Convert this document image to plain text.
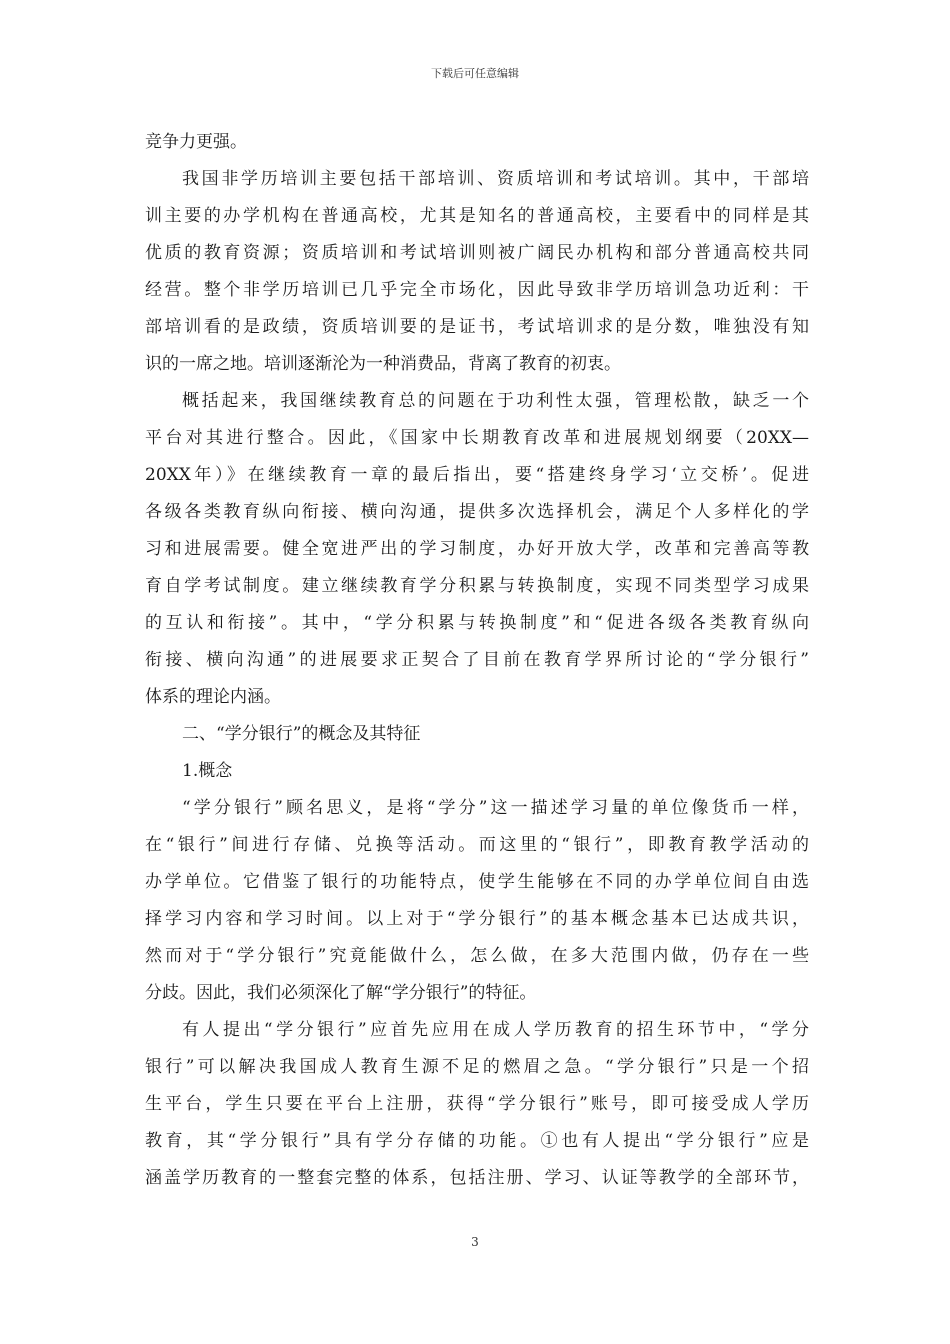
下载后可任意编辑
竞争力更强。
我国非学历培训主要包括干部培训、资质培训和考试培训。其中，干部培
训主要的办学机构在普通高校，尤其是知名的普通高校，主要看中的同样是其
优质的教育资源；资质培训和考试培训则被广阔民办机构和部分普通高校共同
经营。整个非学历培训已几乎完全市场化，因此导致非学历培训急功近利：干
部培训看的是政绩，资质培训要的是证书，考试培训求的是分数，唯独没有知
识的一席之地。培训逐渐沦为一种消费品，背离了教育的初衷。
概括起来，我国继续教育总的问题在于功利性太强，管理松散，缺乏一个
平台对其进行整合。因此，《国家中长期教育改革和进展规划纲要（20XX—
20XX年）》在继续教育一章的最后指出，要“搭建终身学习‘立交桥’。促进
各级各类教育纵向衔接、横向沟通，提供多次选择机会，满足个人多样化的学
习和进展需要。健全宽进严出的学习制度，办好开放大学，改革和完善高等教
育自学考试制度。建立继续教育学分积累与转换制度，实现不同类型学习成果
的互认和衔接”。其中，“学分积累与转换制度”和“促进各级各类教育纵向
衔接、横向沟通”的进展要求正契合了目前在教育学界所讨论的“学分银行”
体系的理论内涵。
二、“学分银行”的概念及其特征
1.概念
“学分银行”顾名思义，是将“学分”这一描述学习量的单位像货币一样，
在“银行”间进行存储、兑换等活动。而这里的“银行”，即教育教学活动的
办学单位。它借鉴了银行的功能特点，使学生能够在不同的办学单位间自由选
择学习内容和学习时间。以上对于“学分银行”的基本概念基本已达成共识，
然而对于“学分银行”究竟能做什么，怎么做，在多大范围内做，仍存在一些
分歧。因此，我们必须深化了解“学分银行”的特征。
有人提出“学分银行”应首先应用在成人学历教育的招生环节中，“学分
银行”可以解决我国成人教育生源不足的燃眉之急。“学分银行”只是一个招
生平台，学生只要在平台上注册，获得“学分银行”账号，即可接受成人学历
教育，其“学分银行”具有学分存储的功能。①也有人提出“学分银行”应是
涵盖学历教育的一整套完整的体系，包括注册、学习、认证等教学的全部环节，
3
